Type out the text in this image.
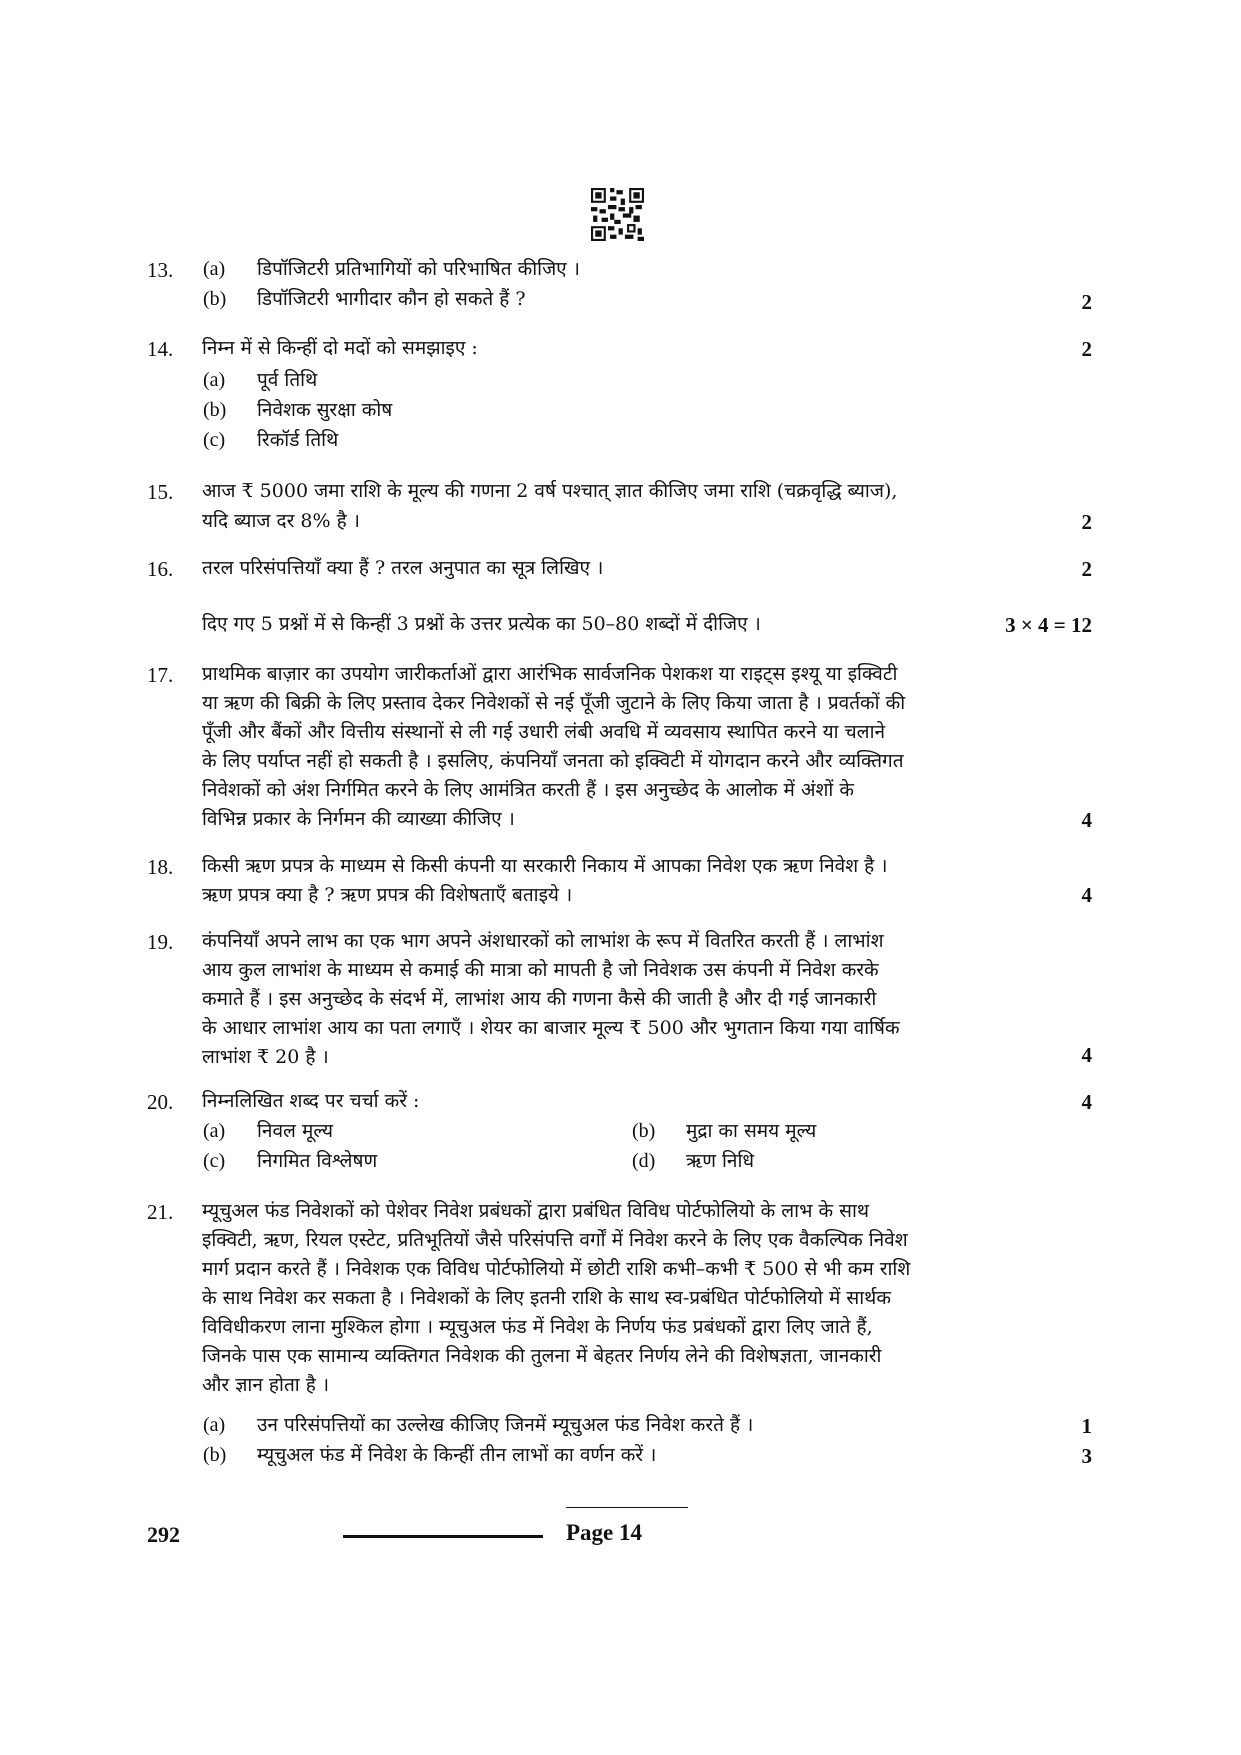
13. (a) डिपॉजिटरी प्रतिभागियों को परिभाषित कीजिए ।
(b) डिपॉजिटरी भागीदार कौन हो सकते हैं ?	2
14. निम्न में से किन्हीं दो मदों को समझाइए :	2
(a) पूर्व तिथि
(b) निवेशक सुरक्षा कोष
(c) रिकॉर्ड तिथि
15. आज ₹ 5000 जमा राशि के मूल्य की गणना 2 वर्ष पश्चात् ज्ञात कीजिए जमा राशि (चक्रवृद्धि ब्याज),
यदि ब्याज दर 8% है ।	2
16. तरल परिसंपत्तियाँ क्या हैं ? तरल अनुपात का सूत्र लिखिए ।	2
दिए गए 5 प्रश्नों में से किन्हीं 3 प्रश्नों के उत्तर प्रत्येक का 50–80 शब्दों में दीजिए ।	3 × 4 = 12
17. प्राथमिक बाज़ार का उपयोग जारीकर्ताओं द्वारा आरंभिक सार्वजनिक पेशकश या राइट्स इश्यू या इक्विटी
या ऋण की बिक्री के लिए प्रस्ताव देकर निवेशकों से नई पूँजी जुटाने के लिए किया जाता है । प्रवर्तकों की
पूँजी और बैंकों और वित्तीय संस्थानों से ली गई उधारी लंबी अवधि में व्यवसाय स्थापित करने या चलाने
के लिए पर्याप्त नहीं हो सकती है । इसलिए, कंपनियाँ जनता को इक्विटी में योगदान करने और व्यक्तिगत
निवेशकों को अंश निर्गमित करने के लिए आमंत्रित करती हैं । इस अनुच्छेद के आलोक में अंशों के
विभिन्न प्रकार के निर्गमन की व्याख्या कीजिए ।	4
18. किसी ऋण प्रपत्र के माध्यम से किसी कंपनी या सरकारी निकाय में आपका निवेश एक ऋण निवेश है ।
ऋण प्रपत्र क्या है ? ऋण प्रपत्र की विशेषताएँ बताइये ।	4
19. कंपनियाँ अपने लाभ का एक भाग अपने अंशधारकों को लाभांश के रूप में वितरित करती हैं । लाभांश
आय कुल लाभांश के माध्यम से कमाई की मात्रा को मापती है जो निवेशक उस कंपनी में निवेश करके
कमाते हैं । इस अनुच्छेद के संदर्भ में, लाभांश आय की गणना कैसे की जाती है और दी गई जानकारी
के आधार लाभांश आय का पता लगाएँ । शेयर का बाजार मूल्य ₹ 500 और भुगतान किया गया वार्षिक
लाभांश ₹ 20 है ।	4
20. निम्नलिखित शब्द पर चर्चा करें :	4
(a) निवल मूल्य	(b) मुद्रा का समय मूल्य
(c) निगमित विश्लेषण	(d) ऋण निधि
21. म्यूचुअल फंड निवेशकों को पेशेवर निवेश प्रबंधकों द्वारा प्रबंधित विविध पोर्टफोलियो के लाभ के साथ
इक्विटी, ऋण, रियल एस्टेट, प्रतिभूतियों जैसे परिसंपत्ति वर्गों में निवेश करने के लिए एक वैकल्पिक निवेश
मार्ग प्रदान करते हैं । निवेशक एक विविध पोर्टफोलियो में छोटी राशि कभी–कभी ₹ 500 से भी कम राशि
के साथ निवेश कर सकता है । निवेशकों के लिए इतनी राशि के साथ स्व-प्रबंधित पोर्टफोलियो में सार्थक
विविधीकरण लाना मुश्किल होगा । म्यूचुअल फंड में निवेश के निर्णय फंड प्रबंधकों द्वारा लिए जाते हैं,
जिनके पास एक सामान्य व्यक्तिगत निवेशक की तुलना में बेहतर निर्णय लेने की विशेषज्ञता, जानकारी
और ज्ञान होता है ।
(a) उन परिसंपत्तियों का उल्लेख कीजिए जिनमें म्यूचुअल फंड निवेश करते हैं ।	1
(b) म्यूचुअल फंड में निवेश के किन्हीं तीन लाभों का वर्णन करें ।	3
292	Page 14
